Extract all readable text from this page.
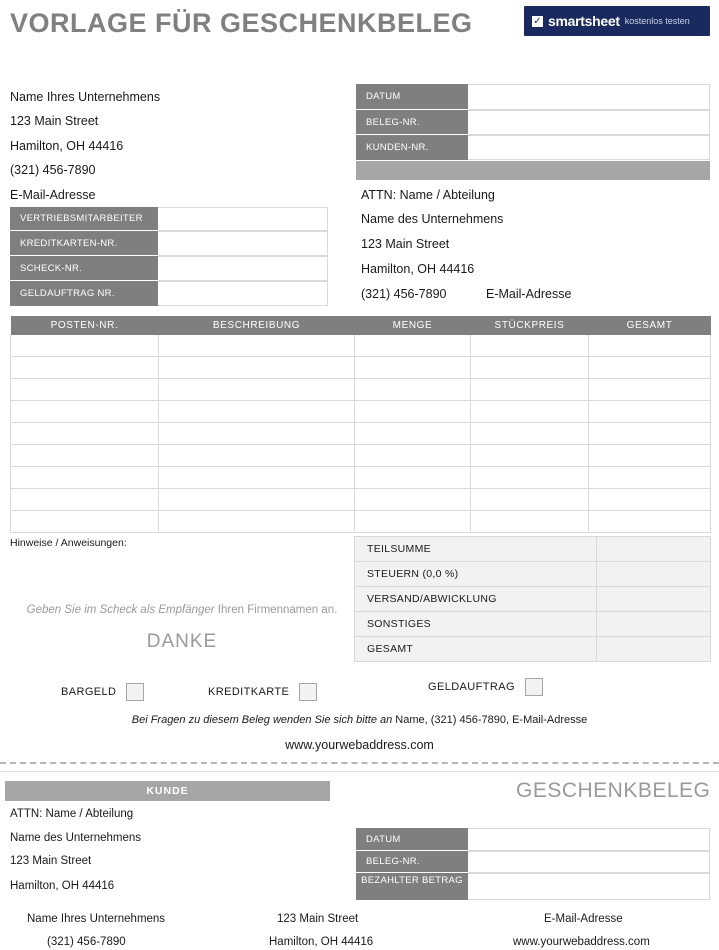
VORLAGE FÜR GESCHENKBELEG	✓ smartsheet kostenlos testen
Name Ihres Unternehmens
123 Main Street
Hamilton, OH 44416
(321) 456-7890
E-Mail-Adresse
VERTRIEBSMITARBEITER
KREDITKARTEN-NR.
SCHECK-NR.
GELDAUFTRAG NR.
DATUM
BELEG-NR.
KUNDEN-NR.
ATTN: Name / Abteilung
Name des Unternehmens
123 Main Street
Hamilton, OH 44416
(321) 456-7890	E-Mail-Adresse
POSTEN-NR.	BESCHREIBUNG	MENGE	STÜCKPREIS	GESAMT

Hinweise / Anweisungen:
Geben Sie im Scheck als Empfänger Ihren Firmennamen an.
DANKE
TEILSUMME	
STEUERN (0,0 %)	
VERSAND/ABWICKLUNG	
SONSTIGES	
GESAMT	
BARGELD	KREDITKARTE	GELDAUFTRAG
Bei Fragen zu diesem Beleg wenden Sie sich bitte an Name, (321) 456-7890, E-Mail-Adresse
www.yourwebaddress.com
KUNDE	GESCHENKBELEG
ATTN: Name / Abteilung
Name des Unternehmens
123 Main Street
Hamilton, OH 44416
DATUM
BELEG-NR.
BEZAHLTER BETRAG
Name Ihres Unternehmens	123 Main Street	E-Mail-Adresse
(321) 456-7890	Hamilton, OH 44416	www.yourwebaddress.com
